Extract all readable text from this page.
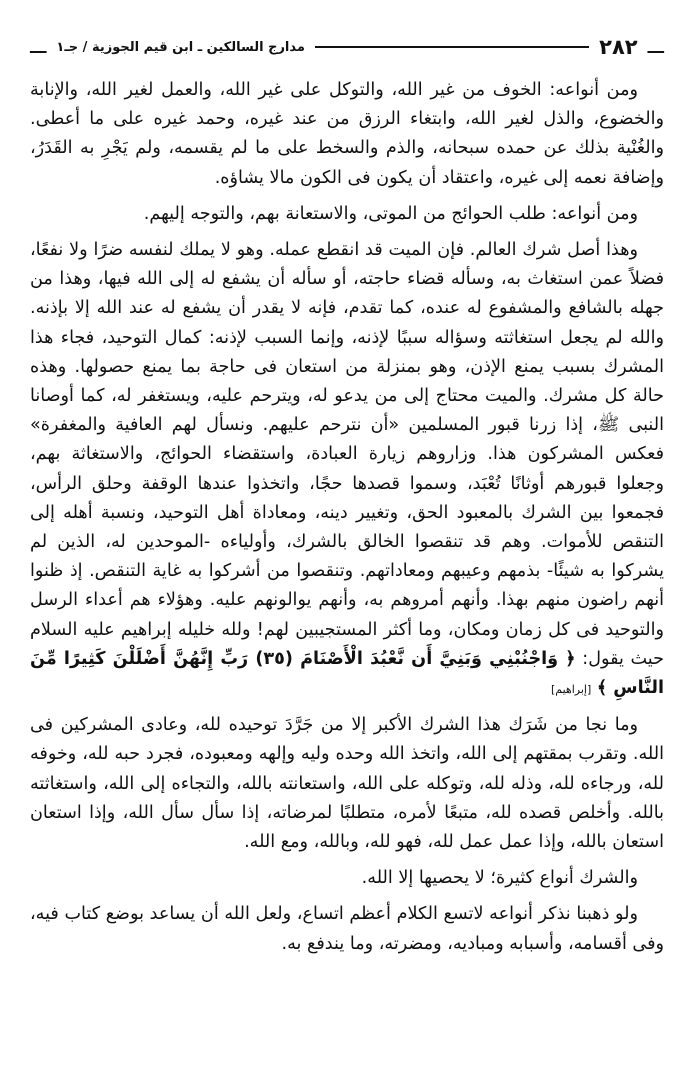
ـــ
٢٨٢
مدارج السالكين ـ ابن قيم الجوزية / جـ١
ـــ

ومن أنواعه: الخوف من غير الله، والتوكل على غير الله، والعمل لغير الله، والإنابة والخضوع، والذل لغير الله، وابتغاء الرزق من عند غيره، وحمد غيره على ما أعطى. والغُنْية بذلك عن حمده سبحانه، والذم والسخط على ما لم يقسمه، ولم يَجْرِ به القَدَرُ، وإضافة نعمه إلى غيره، واعتقاد أن يكون فى الكون مالا يشاؤه.

ومن أنواعه: طلب الحوائج من الموتى، والاستعانة بهم، والتوجه إليهم.

وهذا أصل شرك العالم. فإن الميت قد انقطع عمله. وهو لا يملك لنفسه ضرًا ولا نفعًا، فضلاً عمن استغاث به، وسأله قضاء حاجته، أو سأله أن يشفع له إلى الله فيها، وهذا من جهله بالشافع والمشفوع له عنده، كما تقدم، فإنه لا يقدر أن يشفع له عند الله إلا بإذنه. والله لم يجعل استغاثته وسؤاله سببًا لإذنه، وإنما السبب لإذنه: كمال التوحيد، فجاء هذا المشرك بسبب يمنع الإذن، وهو بمنزلة من استعان فى حاجة بما يمنع حصولها. وهذه حالة كل مشرك. والميت محتاج إلى من يدعو له، ويترحم عليه، ويستغفر له، كما أوصانا النبى ﷺ، إذا زرنا قبور المسلمين «أن نترحم عليهم. ونسأل لهم العافية والمغفرة» فعكس المشركون هذا. وزاروهم زيارة العبادة، واستقضاء الحوائج، والاستغاثة بهم، وجعلوا قبورهم أوثانًا تُعْبَد، وسموا قصدها حجًا، واتخذوا عندها الوقفة وحلق الرأس، فجمعوا بين الشرك بالمعبود الحق، وتغيير دينه، ومعاداة أهل التوحيد، ونسبة أهله إلى التنقص للأموات. وهم قد تنقصوا الخالق بالشرك، وأولياءه -الموحدين له، الذين لم يشركوا به شيئًا- بذمهم وعيبهم ومعاداتهم. وتنقصوا من أشركوا به غاية التنقص. إذ ظنوا أنهم راضون منهم بهذا. وأنهم أمروهم به، وأنهم يوالونهم عليه. وهؤلاء هم أعداء الرسل والتوحيد فى كل زمان ومكان، وما أكثر المستجيبين لهم! ولله خليله إبراهيم عليه السلام حيث يقول: ﴿ وَاجْنُبْنِي وَبَنِيَّ أَن نَّعْبُدَ الْأَصْنَامَ (٣٥) رَبِّ إِنَّهُنَّ أَضْلَلْنَ كَثِيرًا مِّنَ النَّاسِ ﴾ [إبراهيم]

وما نجا من شَرَك هذا الشرك الأكبر إلا من جَرَّدَ توحيده لله، وعادى المشركين فى الله. وتقرب بمقتهم إلى الله، واتخذ الله وحده وليه وإلهه ومعبوده، فجرد حبه لله، وخوفه لله، ورجاءه لله، وذله لله، وتوكله على الله، واستعانته بالله، والتجاءه إلى الله، واستغاثته بالله. وأخلص قصده لله، متبعًا لأمره، متطلبًا لمرضاته، إذا سأل سأل الله، وإذا استعان استعان بالله، وإذا عمل عمل لله، فهو لله، وبالله، ومع الله.

والشرك أنواع كثيرة؛ لا يحصيها إلا الله.

ولو ذهبنا نذكر أنواعه لاتسع الكلام أعظم اتساع، ولعل الله أن يساعد بوضع كتاب فيه، وفى أقسامه، وأسبابه ومباديه، ومضرته، وما يندفع به.
